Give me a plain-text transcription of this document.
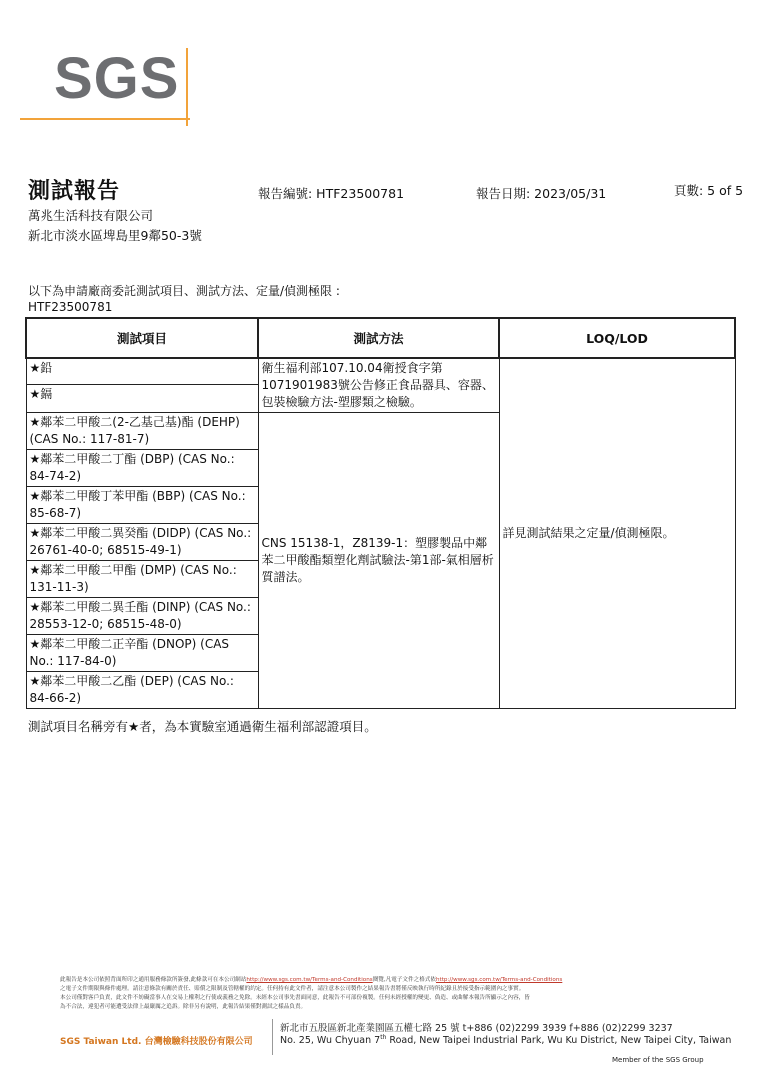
SGS
測試報告
萬兆生活科技有限公司
新北市淡水區埤島里9鄰50-3號
報告編號: HTF23500781	報告日期: 2023/05/31	頁數: 5 of 5
以下為申請廠商委託測試項目、測試方法、定量/偵測極限 :
HTF23500781
測試項目	測試方法	LOQ/LOD
★鉛	衛生福利部107.10.04衛授食字第1071901983號公告修正食品器具、容器、包裝檢驗方法-塑膠類之檢驗。	詳見測試結果之定量/偵測極限。
★鎘		
★鄰苯二甲酸二(2-乙基己基)酯 (DEHP) (CAS No.: 117-81-7)	CNS 15138-1，Z8139-1：塑膠製品中鄰苯二甲酸酯類塑化劑試驗法-第1部-氣相層析質譜法。	
★鄰苯二甲酸二丁酯 (DBP) (CAS No.: 84-74-2)		
★鄰苯二甲酸丁苯甲酯 (BBP) (CAS No.: 85-68-7)		
★鄰苯二甲酸二異癸酯 (DIDP) (CAS No.: 26761-40-0; 68515-49-1)		
★鄰苯二甲酸二甲酯 (DMP) (CAS No.: 131-11-3)		
★鄰苯二甲酸二異壬酯 (DINP) (CAS No.: 28553-12-0; 68515-48-0)		
★鄰苯二甲酸二正辛酯 (DNOP) (CAS No.: 117-84-0)		
★鄰苯二甲酸二乙酯 (DEP) (CAS No.: 84-66-2)		
測試項目名稱旁有★者，為本實驗室通過衛生福利部認證項目。
此報告是本公司依照背面所印之通用服務條款所簽發,此條款可在本公司網站http://www.sgs.com.tw/Terms-and-Conditions閱覽,凡電子文件之格式依http://www.sgs.com.tw/Terms-and-Conditions
之電子文件期限與條件處理。請注意條款有關於責任、賠償之限制及管轄權的約定。任何持有此文件者，請注意本公司製作之結果報告書將僅反映執行時所紀錄且於接受指示範圍內之事實。
本公司僅對客戶負責，此文件不妨礙當事人在交易上權利之行使或義務之免除。未經本公司事先書面同意，此報告不可部份複製。任何未經授權的變更、偽造、或曲解本報告所顯示之內容，皆
為不合法，違犯者可能遭受法律上最嚴厲之追訴。除非另有說明，此報告結果僅對測試之樣品負責。
SGS Taiwan Ltd. 台灣檢驗科技股份有限公司
新北市五股區新北產業園區五權七路 25 號 t+886 (02)2299 3939 f+886 (02)2299 3237
No. 25, Wu Chyuan 7th Road, New Taipei Industrial Park, Wu Ku District, New Taipei City, Taiwan
Member of the SGS Group
